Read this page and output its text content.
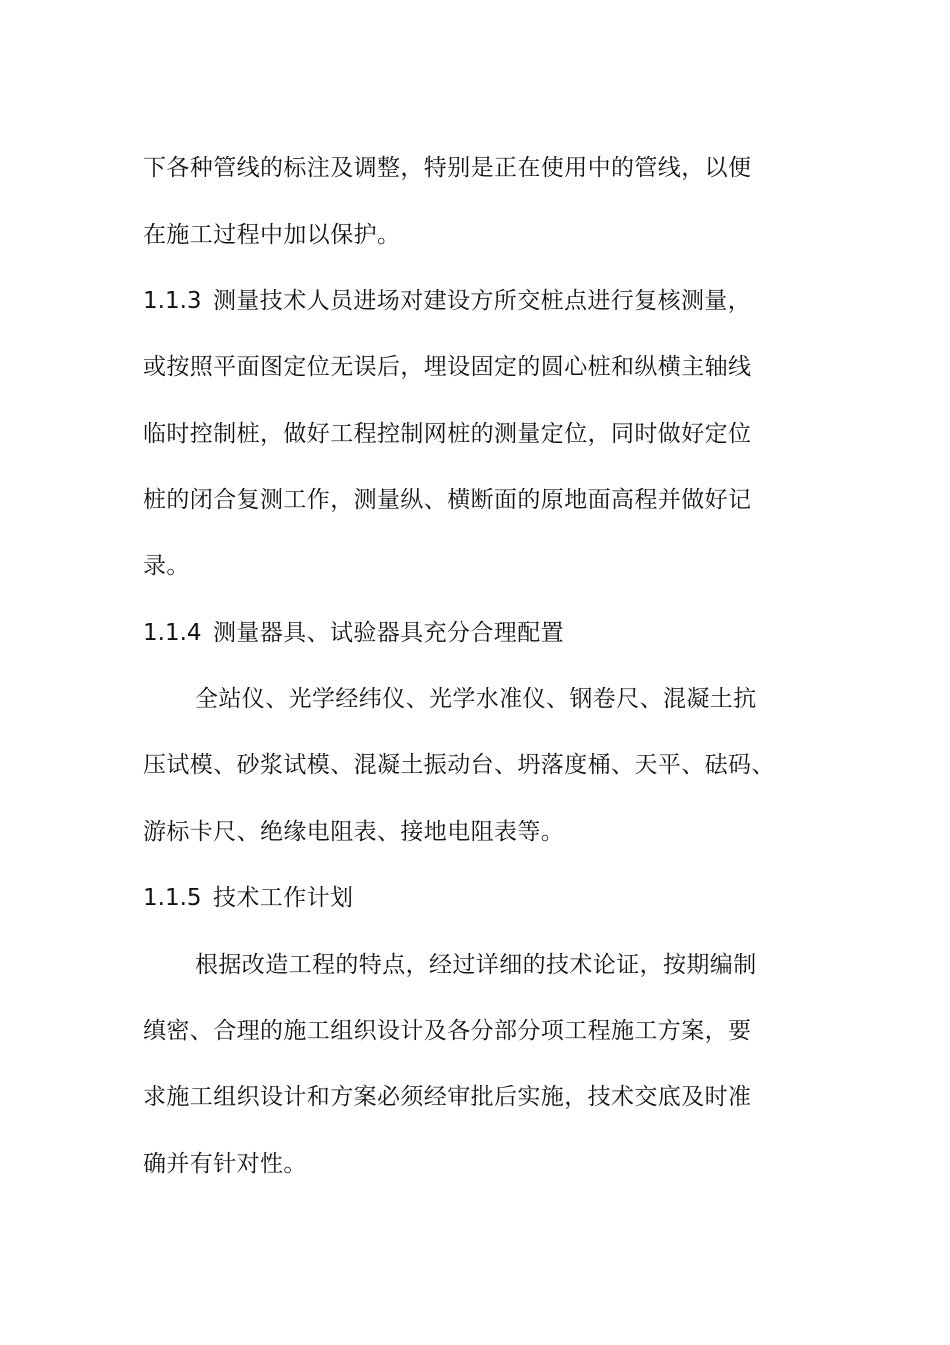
下各种管线的标注及调整，特别是正在使用中的管线，以便
在施工过程中加以保护。
1.1.3 测量技术人员进场对建设方所交桩点进行复核测量，
或按照平面图定位无误后，埋设固定的圆心桩和纵横主轴线
临时控制桩，做好工程控制网桩的测量定位，同时做好定位
桩的闭合复测工作，测量纵、横断面的原地面高程并做好记
录。
1.1.4 测量器具、试验器具充分合理配置
全站仪、光学经纬仪、光学水准仪、钢卷尺、混凝土抗
压试模、砂浆试模、混凝土振动台、坍落度桶、天平、砝码、
游标卡尺、绝缘电阻表、接地电阻表等。
1.1.5 技术工作计划
根据改造工程的特点，经过详细的技术论证，按期编制
缜密、合理的施工组织设计及各分部分项工程施工方案，要
求施工组织设计和方案必须经审批后实施，技术交底及时准
确并有针对性。
